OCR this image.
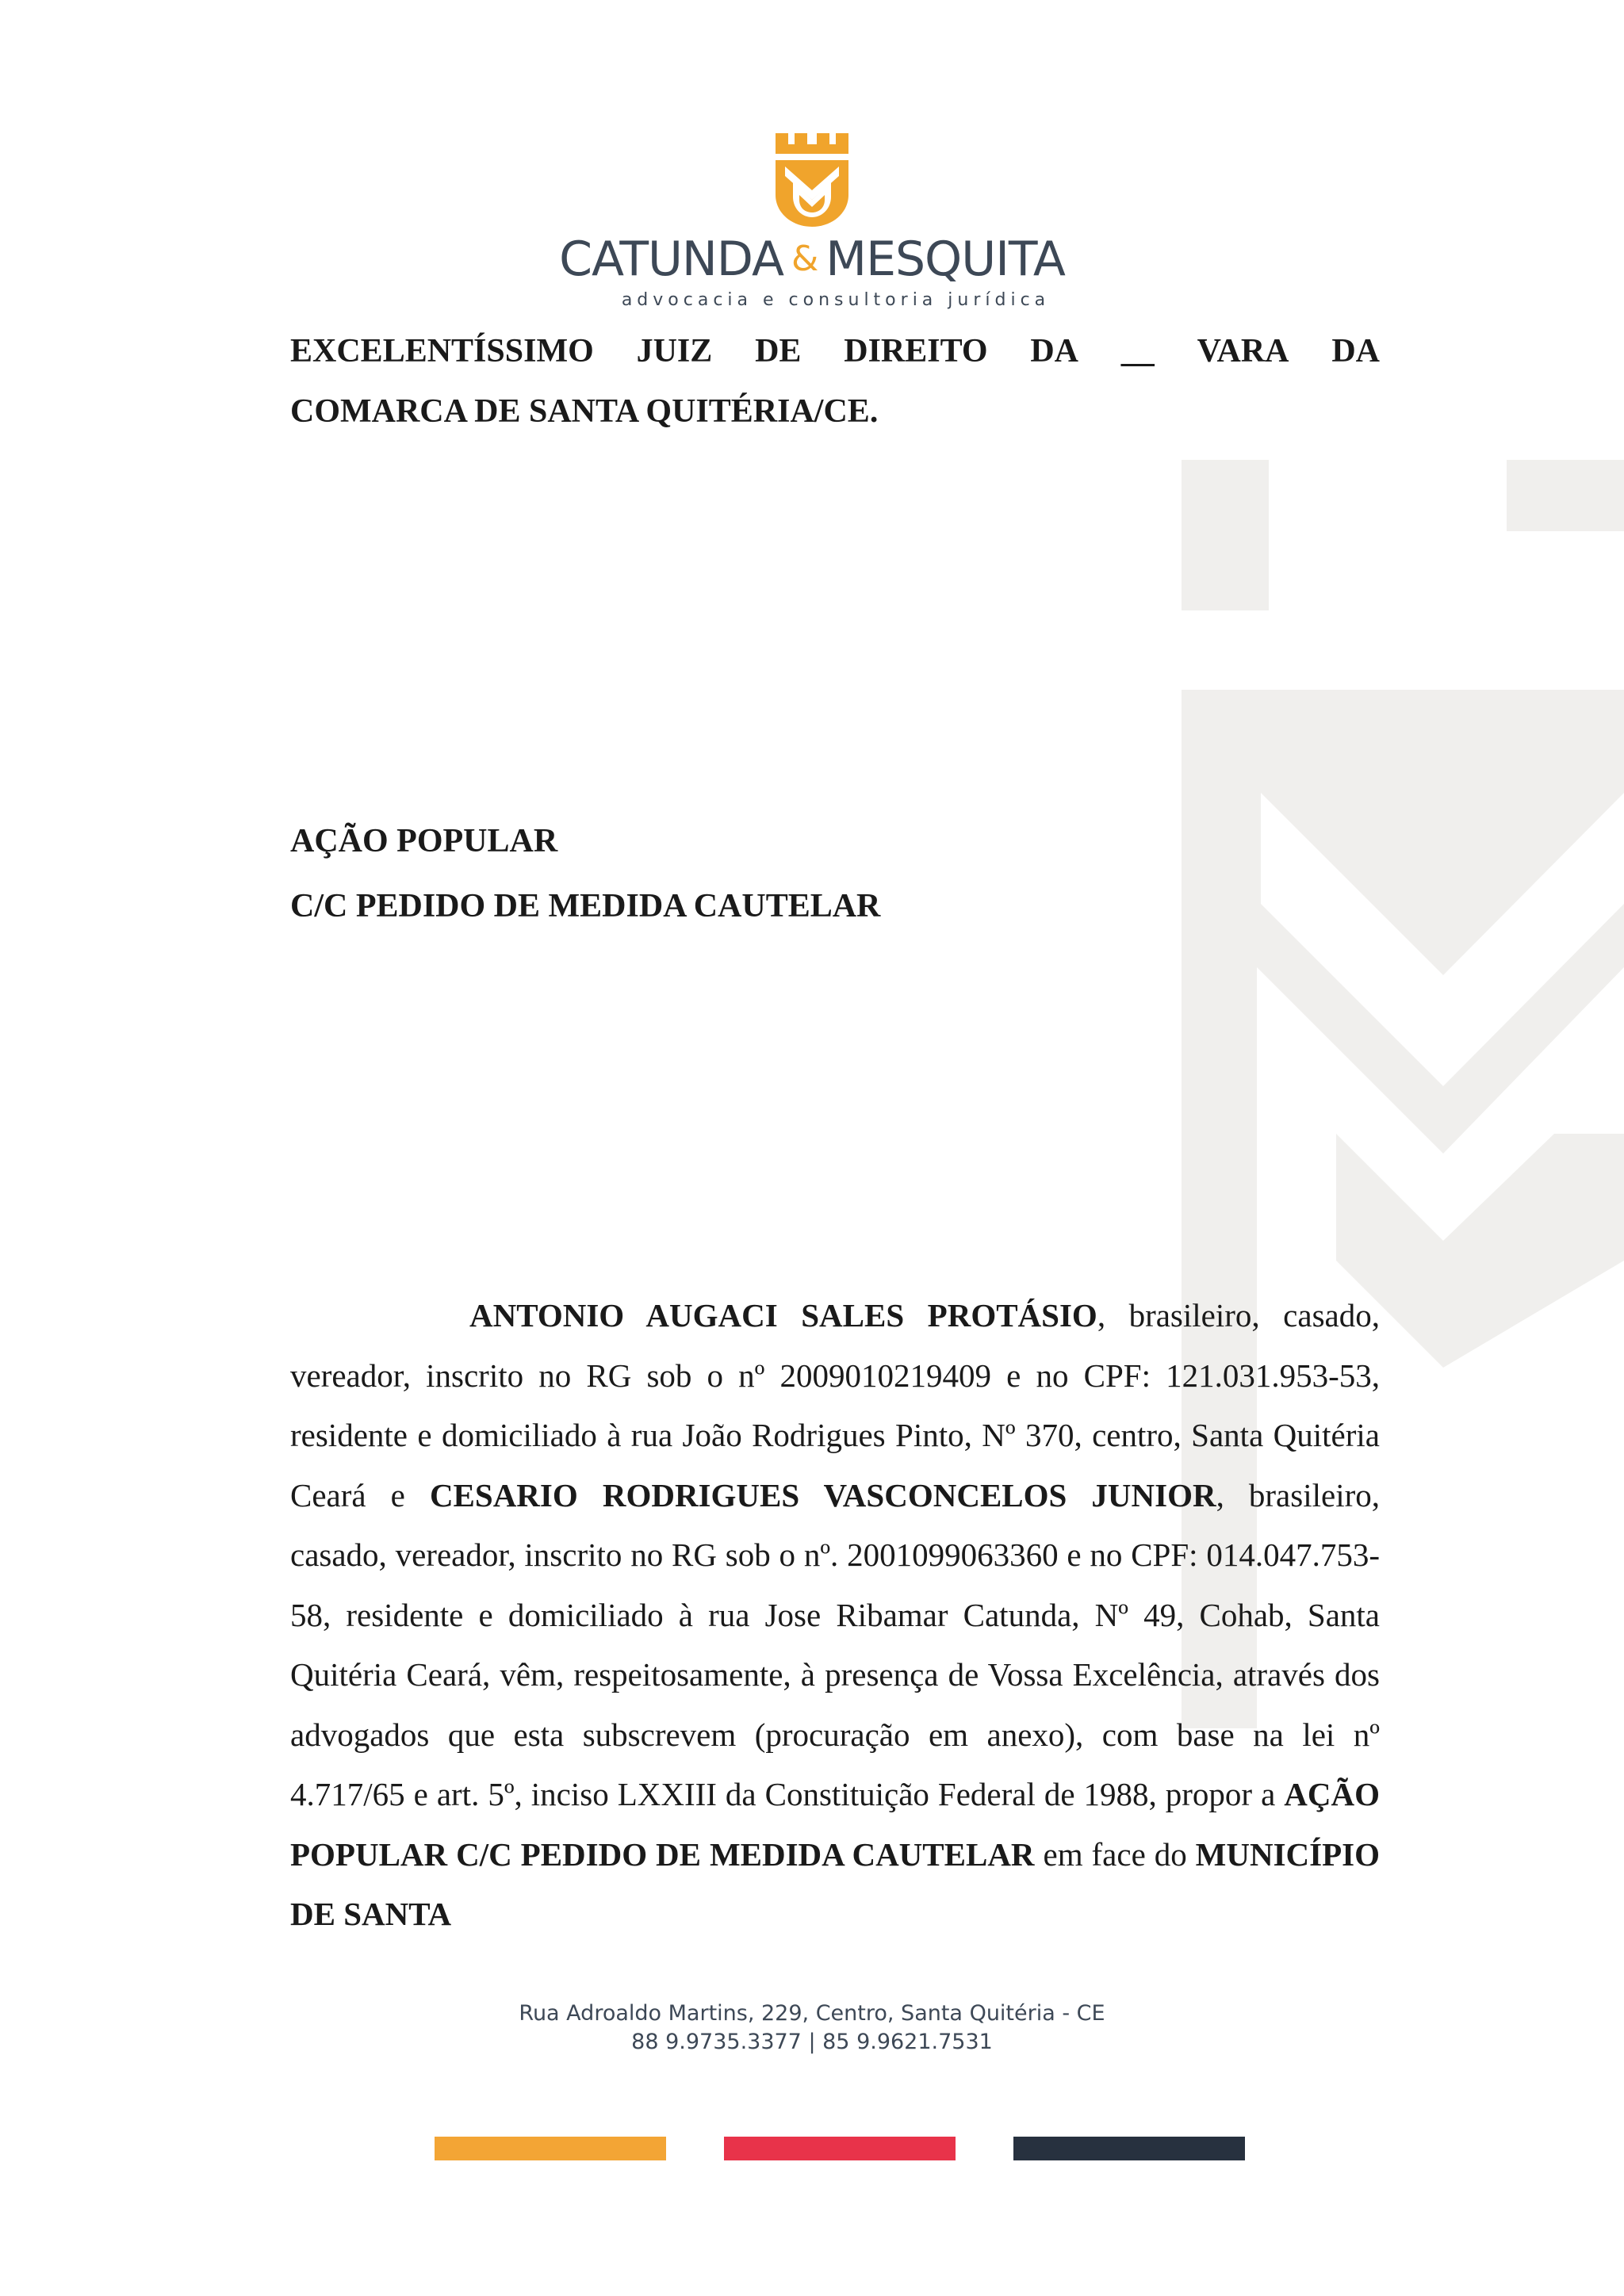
CATUNDA & MESQUITA
advocacia e consultoria jurídica
EXCELENTÍSSIMO JUIZ DE DIREITO DA __ VARA DA
COMARCA DE SANTA QUITÉRIA/CE.
AÇÃO POPULAR
C/C PEDIDO DE MEDIDA CAUTELAR

ANTONIO AUGACI SALES PROTÁSIO, brasileiro, casado, vereador, inscrito no RG sob o nº 2009010219409 e no CPF: 121.031.953-53, residente e domiciliado à rua João Rodrigues Pinto, Nº 370, centro, Santa Quitéria Ceará e CESARIO RODRIGUES VASCONCELOS JUNIOR, brasileiro, casado, vereador, inscrito no RG sob o nº. 2001099063360 e no CPF: 014.047.753-58, residente e domiciliado à rua Jose Ribamar Catunda, Nº 49, Cohab, Santa Quitéria Ceará, vêm, respeitosamente, à presença de Vossa Excelência, através dos advogados que esta subscrevem (procuração em anexo), com base na lei nº 4.717/65 e art. 5º, inciso LXXIII da Constituição Federal de 1988, propor a AÇÃO POPULAR C/C PEDIDO DE MEDIDA CAUTELAR em face do MUNICÍPIO DE SANTA

Rua Adroaldo Martins, 229, Centro, Santa Quitéria - CE
88 9.9735.3377 | 85 9.9621.7531
